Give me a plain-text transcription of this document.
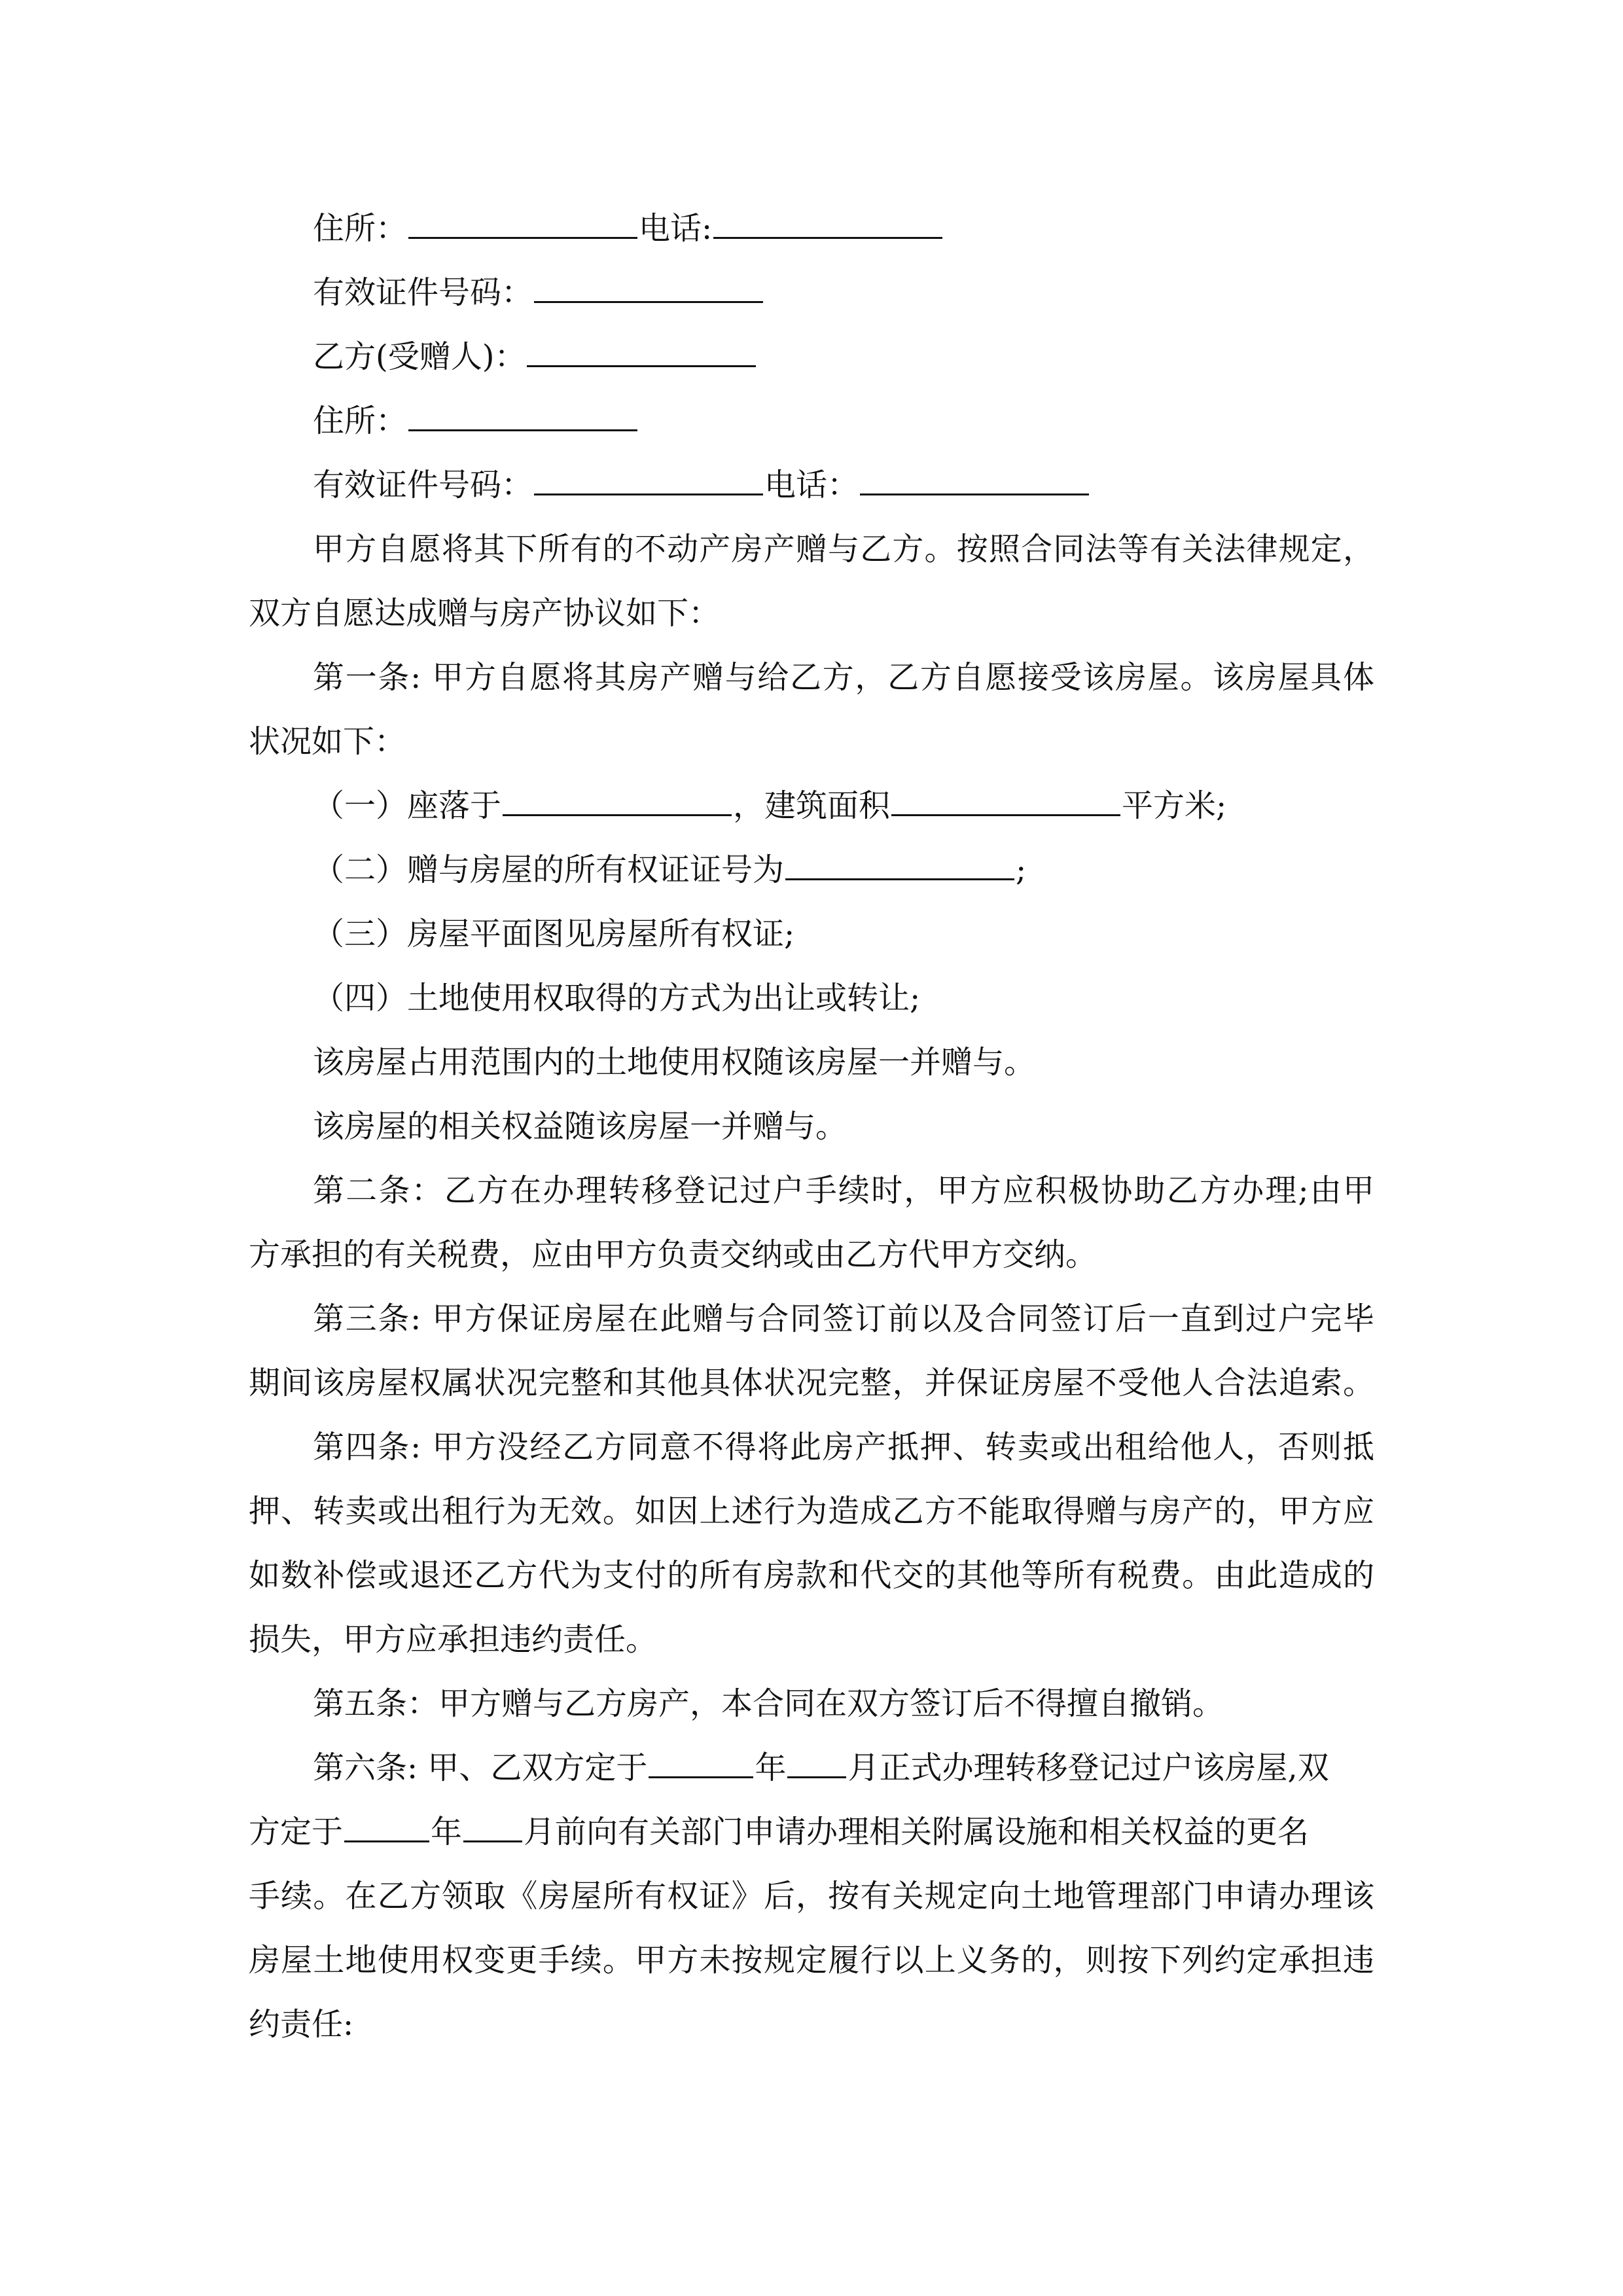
住所：	电话:
有效证件号码：
乙方(受赠人)：
住所：
有效证件号码：	电话：
甲方自愿将其下所有的不动产房产赠与乙方。按照合同法等有关法律规定，
双方自愿达成赠与房产协议如下：
第一条: 甲方自愿将其房产赠与给乙方，乙方自愿接受该房屋。该房屋具体
状况如下：
（一）座落于	，建筑面积	平方米;
（二）赠与房屋的所有权证证号为	;
（三）房屋平面图见房屋所有权证;
（四）土地使用权取得的方式为出让或转让;
该房屋占用范围内的土地使用权随该房屋一并赠与。
该房屋的相关权益随该房屋一并赠与。
第二条：乙方在办理转移登记过户手续时，甲方应积极协助乙方办理;由甲
方承担的有关税费，应由甲方负责交纳或由乙方代甲方交纳。
第三条: 甲方保证房屋在此赠与合同签订前以及合同签订后一直到过户完毕
期间该房屋权属状况完整和其他具体状况完整，并保证房屋不受他人合法追索。
第四条: 甲方没经乙方同意不得将此房产抵押、转卖或出租给他人，否则抵
押、转卖或出租行为无效。如因上述行为造成乙方不能取得赠与房产的，甲方应
如数补偿或退还乙方代为支付的所有房款和代交的其他等所有税费。由此造成的
损失，甲方应承担违约责任。
第五条：甲方赠与乙方房产，本合同在双方签订后不得擅自撤销。
第六条: 甲、乙双方定于	年 月正式办理转移登记过户该房屋,双
方定于	年 月前向有关部门申请办理相关附属设施和相关权益的更名
手续。在乙方领取《房屋所有权证》后，按有关规定向土地管理部门申请办理该
房屋土地使用权变更手续。甲方未按规定履行以上义务的，则按下列约定承担违
约责任:
